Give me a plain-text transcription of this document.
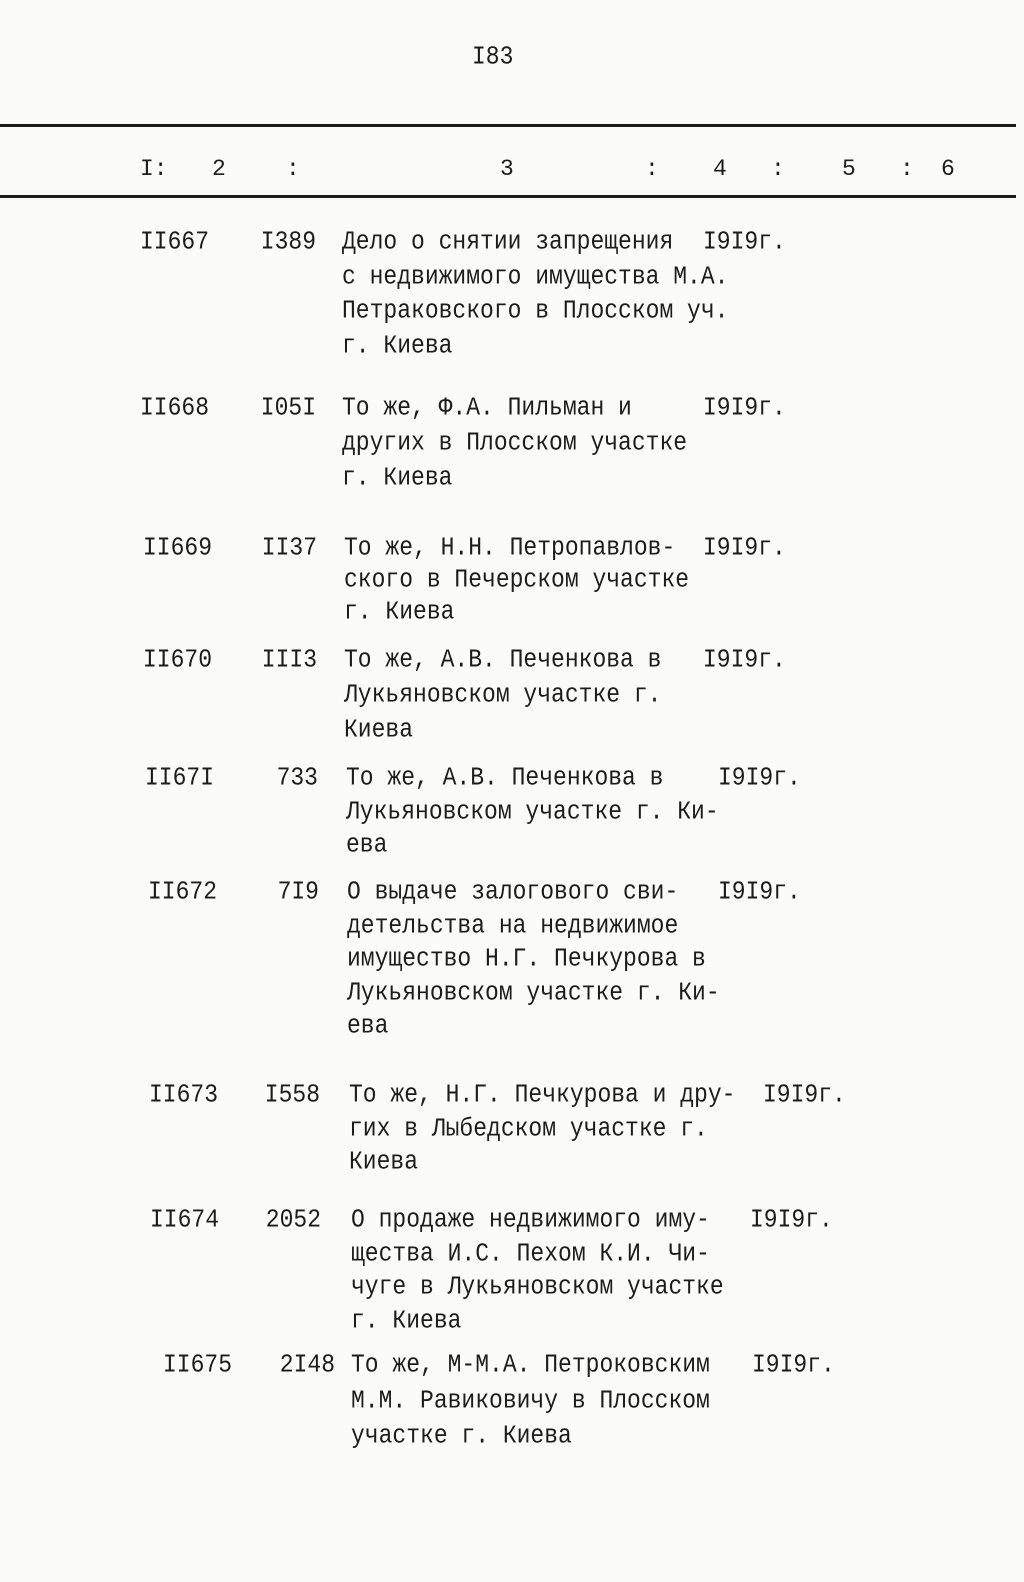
I83
I: 2	:	3	: 4 : 5 : 6
II667	I389 Дело о снятии запрещения
с недвижимого имущества М.А.
Петраковского в Плосском уч.
г. Киева
I9I9г.
II668	I05I То же, Ф.А. Пильман и
других в Плосском участке
г. Киева
I9I9г.
II669	II37 То же, Н.Н. Петропавлов-
ского в Печерском участке
г. Киева
I9I9г.
II670	III3 То же, А.В. Печенкова в
Лукьяновском участке г.
Киева
I9I9г.
II67I	733 То же, А.В. Печенкова в
Лукьяновском участке г. Ки-
ева
I9I9г.
II672	7I9 О выдаче залогового сви-
детельства на недвижимое
имущество Н.Г. Печкурова в
Лукьяновском участке г. Ки-
ева
I9I9г.
II673	I558 То же, Н.Г. Печкурова и дру-
гих в Лыбедском участке г.
Киева
I9I9г.
II674	2052 О продаже недвижимого иму-
щества И.С. Пехом К.И. Чи-
чуге в Лукьяновском участке
г. Киева
I9I9г.
II675	2I48 То же, М-М.А. Петроковским
М.М. Равиковичу в Плосском
участке г. Киева
I9I9г.
